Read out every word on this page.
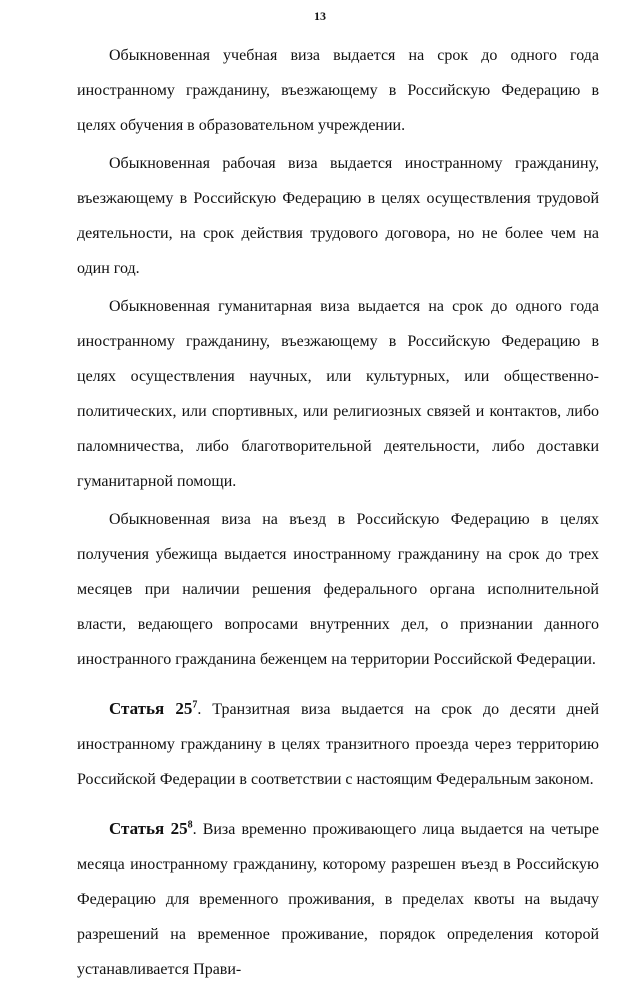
13

Обыкновенная учебная виза выдается на срок до одного года иностранному гражданину, въезжающему в Российскую Федерацию в целях обучения в образовательном учреждении.

Обыкновенная рабочая виза выдается иностранному гражданину, въезжающему в Российскую Федерацию в целях осуществления трудовой деятельности, на срок действия трудового договора, но не более чем на один год.

Обыкновенная гуманитарная виза выдается на срок до одного года иностранному гражданину, въезжающему в Российскую Федерацию в целях осуществления научных, или культурных, или общественно-политических, или спортивных, или религиозных связей и контактов, либо паломничества, либо благотворительной деятельности, либо доставки гуманитарной помощи.

Обыкновенная виза на въезд в Российскую Федерацию в целях получения убежища выдается иностранному гражданину на срок до трех месяцев при наличии решения федерального органа исполнительной власти, ведающего вопросами внутренних дел, о признании данного иностранного гражданина беженцем на территории Российской Федерации.

Статья $25^7$. Транзитная виза выдается на срок до десяти дней иностранному гражданину в целях транзитного проезда через территорию Российской Федерации в соответствии с настоящим Федеральным законом.

Статья $25^8$. Виза временно проживающего лица выдается на четыре месяца иностранному гражданину, которому разрешен въезд в Российскую Федерацию для временного проживания, в пределах квоты на выдачу разрешений на временное проживание, порядок определения которой устанавливается Прави-
